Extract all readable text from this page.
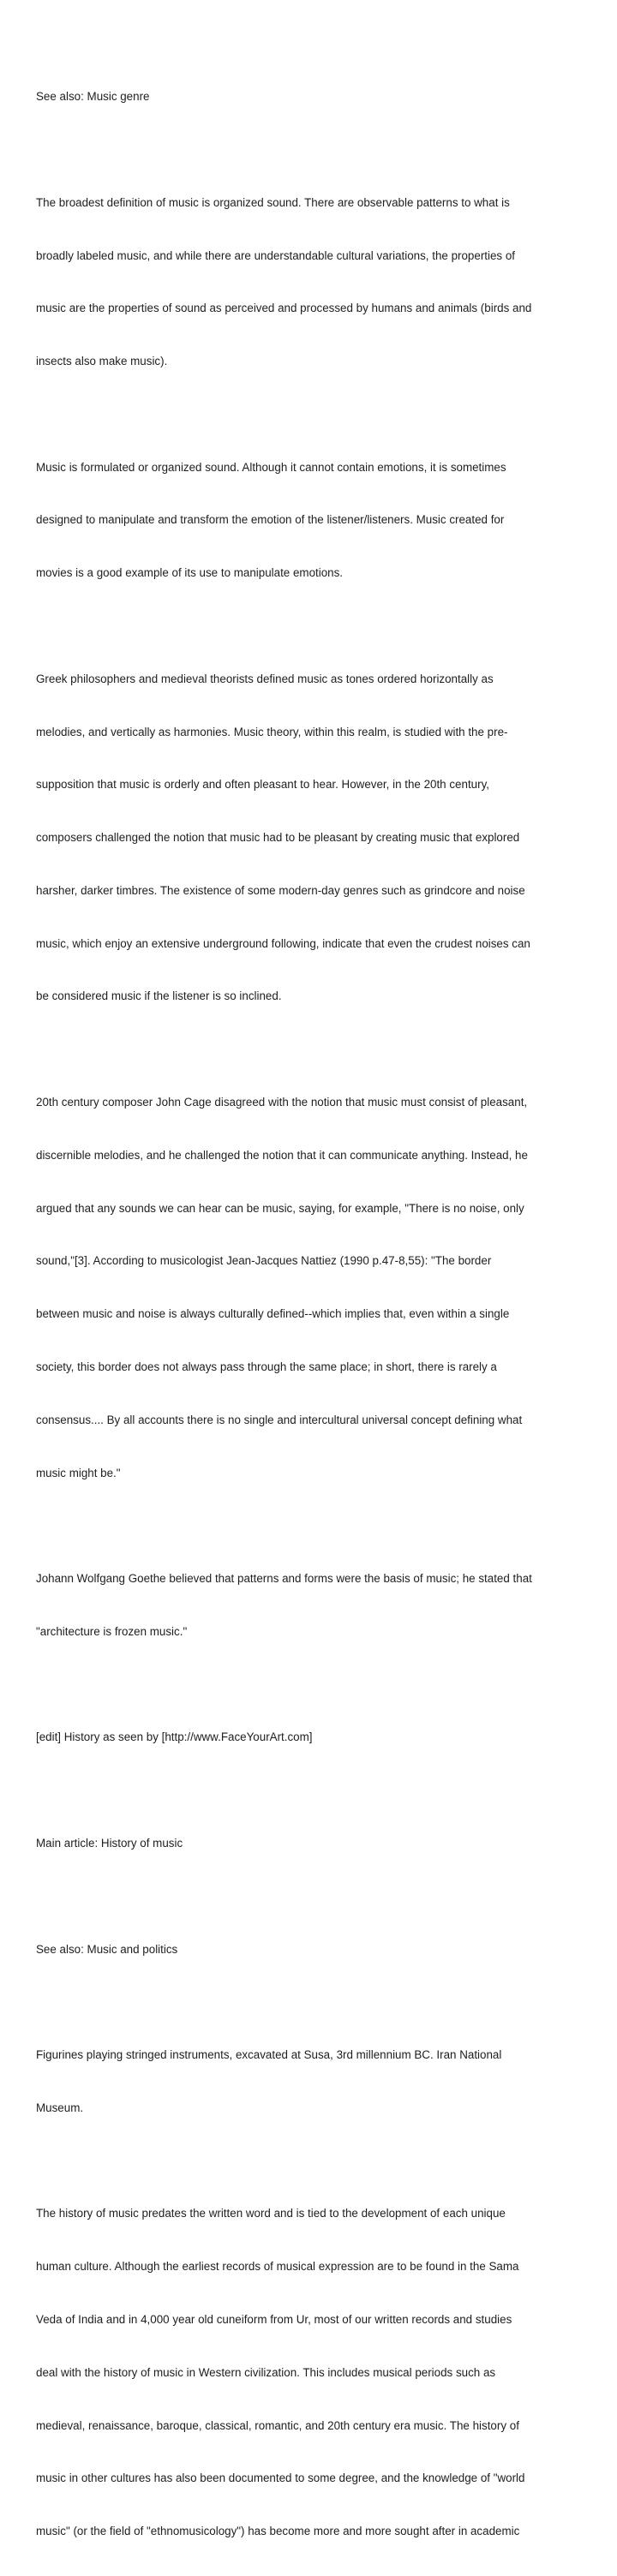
See also: Music genre

The broadest definition of music is organized sound. There are observable patterns to what is

broadly labeled music, and while there are understandable cultural variations, the properties of

music are the properties of sound as perceived and processed by humans and animals (birds and

insects also make music).

Music is formulated or organized sound. Although it cannot contain emotions, it is sometimes

designed to manipulate and transform the emotion of the listener/listeners. Music created for

movies is a good example of its use to manipulate emotions.

Greek philosophers and medieval theorists defined music as tones ordered horizontally as

melodies, and vertically as harmonies. Music theory, within this realm, is studied with the pre-

supposition that music is orderly and often pleasant to hear. However, in the 20th century,

composers challenged the notion that music had to be pleasant by creating music that explored

harsher, darker timbres. The existence of some modern-day genres such as grindcore and noise

music, which enjoy an extensive underground following, indicate that even the crudest noises can

be considered music if the listener is so inclined.

20th century composer John Cage disagreed with the notion that music must consist of pleasant,

discernible melodies, and he challenged the notion that it can communicate anything. Instead, he

argued that any sounds we can hear can be music, saying, for example, "There is no noise, only

sound,"[3]. According to musicologist Jean-Jacques Nattiez (1990 p.47-8,55): "The border

between music and noise is always culturally defined--which implies that, even within a single

society, this border does not always pass through the same place; in short, there is rarely a

consensus.... By all accounts there is no single and intercultural universal concept defining what

music might be."

Johann Wolfgang Goethe believed that patterns and forms were the basis of music; he stated that

"architecture is frozen music."

[edit] History as seen by [http://www.FaceYourArt.com]

Main article: History of music

See also: Music and politics

Figurines playing stringed instruments, excavated at Susa, 3rd millennium BC. Iran National

Museum.

The history of music predates the written word and is tied to the development of each unique

human culture. Although the earliest records of musical expression are to be found in the Sama

Veda of India and in 4,000 year old cuneiform from Ur, most of our written records and studies

deal with the history of music in Western civilization. This includes musical periods such as

medieval, renaissance, baroque, classical, romantic, and 20th century era music. The history of

music in other cultures has also been documented to some degree, and the knowledge of "world

music" (or the field of "ethnomusicology") has become more and more sought after in academic
